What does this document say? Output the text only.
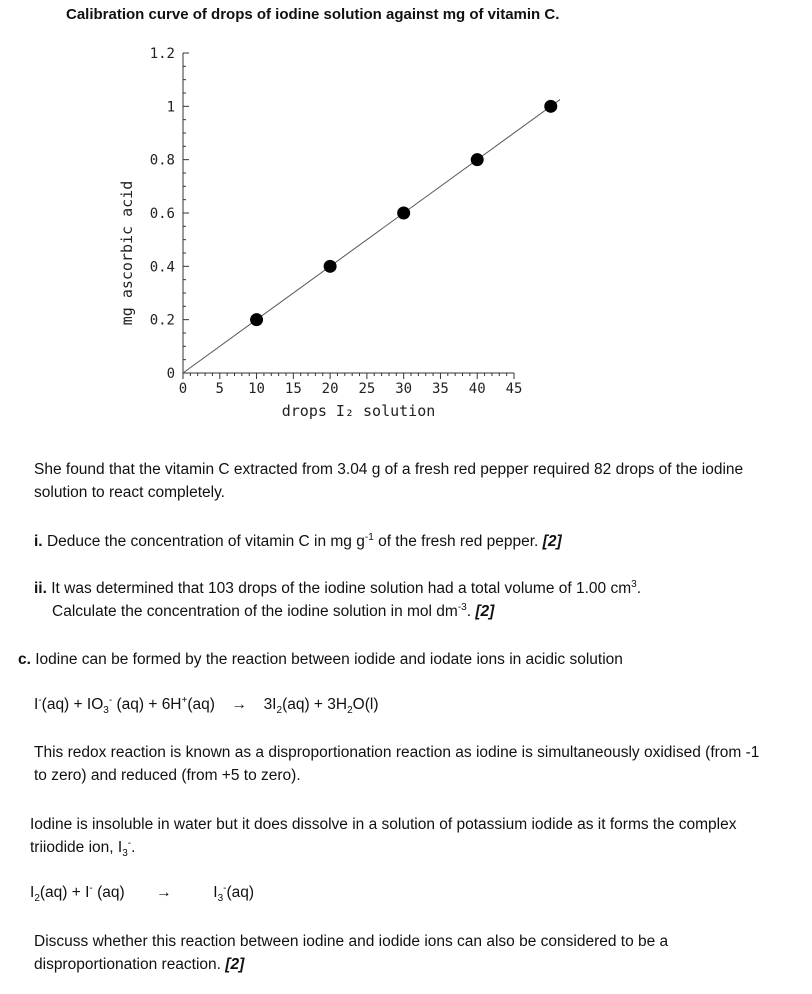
Calibration curve of drops of iodine solution against mg of vitamin C.
0 5 10 15 20 25 30 35 40 45
0
0.2
0.4
0.6
0.8
1
1.2
drops I₂ solution
mg ascorbic acid
She found that the vitamin C extracted from 3.04 g of a fresh red pepper required 82 drops of the iodine solution to react completely.
i. Deduce the concentration of vitamin C in mg $g^{-1}$ of the fresh red pepper. [2]
ii. It was determined that 103 drops of the iodine solution had a total volume of 1.00 $cm^3$.
Calculate the concentration of the iodine solution in mol $dm^{-3}$. [2]
c. Iodine can be formed by the reaction between iodide and iodate ions in acidic solution
$I^-(aq) + IO_3^-$ $(aq) + 6H^+(aq) \to 3I_2(aq) + 3H_2O(l)$
This redox reaction is known as a disproportionation reaction as iodine is simultaneously oxidised (from -1 to zero) and reduced (from +5 to zero).
Iodine is insoluble in water but it does dissolve in a solution of potassium iodide as it forms the complex triiodide ion, $I_3^-$.
$I_2(aq) + I^-$ (aq) →	$I_3^-(aq)$
Discuss whether this reaction between iodine and iodide ions can also be considered to be a disproportionation reaction. [2]
